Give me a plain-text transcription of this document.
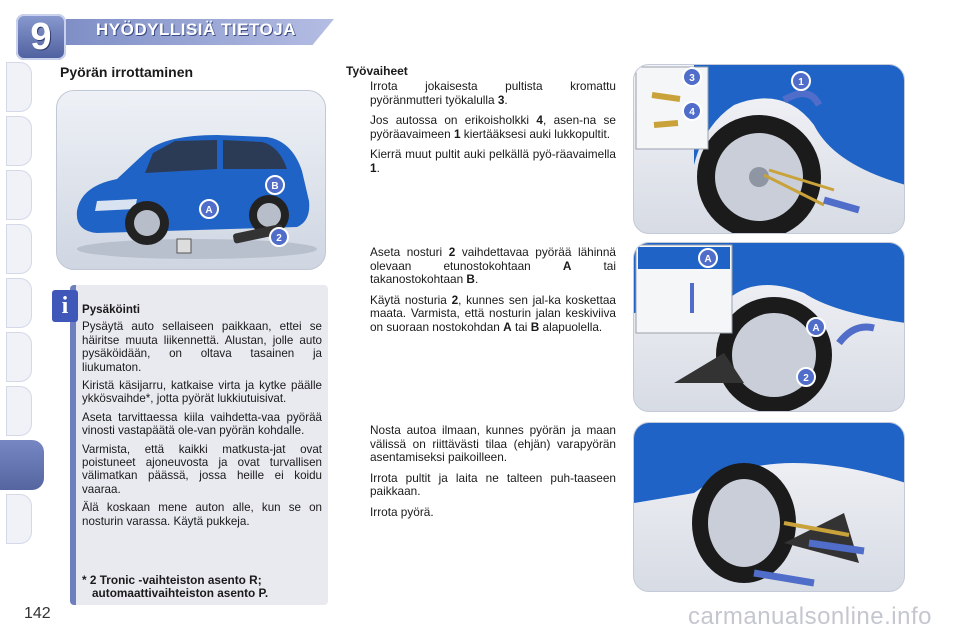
9	HYÖDYLLISIÄ TIETOJA
142
Pyörän irrottaminen
A
B
2
i	Pysäköinti

Pysäytä auto sellaiseen paikkaan, ettei se häiritse muuta liikennettä. Alustan, jolle auto pysäköidään, on oltava tasainen ja liukumaton.

Kiristä käsijarru, katkaise virta ja kytke päälle ykkösvaihde*, jotta pyörät lukkiutuisivat.

Aseta tarvittaessa kiila vaihdetta-vaa pyörää vinosti vastapäätä ole-van pyörän kohdalle.

Varmista, että kaikki matkusta-jat ovat poistuneet ajoneuvosta ja ovat turvallisen välimatkan päässä, jossa heille ei koidu vaaraa.

Älä koskaan mene auton alle, kun se on nosturin varassa. Käytä pukkeja.

* 2 Tronic -vaihteiston asento R;
automaattivaihteiston asento P.
Työvaiheet
Irrota jokaisesta pultista kromattu pyöränmutteri työkalulla 3.
Jos autossa on erikoisholkki 4, asen-na se pyöräavaimeen 1 kiertääksesi auki lukkopultit.
Kierrä muut pultit auki pelkällä pyö-räavaimella 1.
Aseta nosturi 2 vaihdettavaa pyörää lähinnä olevaan etunostokohtaan A tai takanostokohtaan B.
Käytä nosturia 2, kunnes sen jal-ka koskettaa maata. Varmista, että nosturin jalan keskiviiva on suoraan nostokohdan A tai B alapuolella.
Nosta autoa ilmaan, kunnes pyörän ja maan välissä on riittävästi tilaa (ehjän) varapyörän asentamiseksi paikoilleen.
Irrota pultit ja laita ne talteen puh-taaseen paikkaan.
Irrota pyörä.
1
3
4
A
A
2
carmanualsonline.info
